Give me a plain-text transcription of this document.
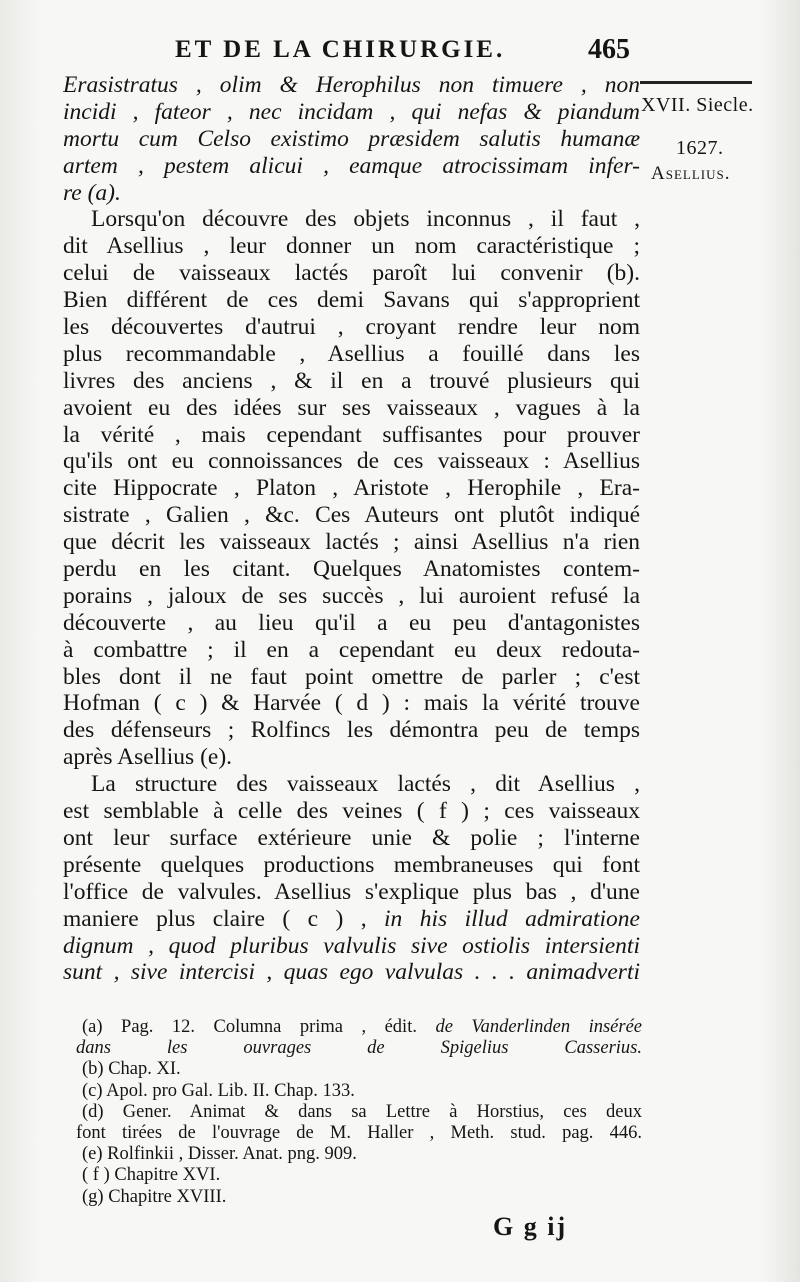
ET DE LA CHIRURGIE.	465
XVII. Siecle.
1627.
Asellius.
Erasistratus , olim & Herophilus non timuere , non
incidi , fateor , nec incidam , qui nefas & piandum
mortu cum Celso existimo præsidem salutis humanæ
artem , pestem alicui , eamque atrocissimam infer-
re (a).
Lorsqu'on découvre des objets inconnus , il faut ,
dit Asellius , leur donner un nom caractéristique ;
celui de vaisseaux lactés paroît lui convenir (b).
Bien différent de ces demi Savans qui s'approprient
les découvertes d'autrui , croyant rendre leur nom
plus recommandable , Asellius a fouillé dans les
livres des anciens , & il en a trouvé plusieurs qui
avoient eu des idées sur ses vaisseaux , vagues à la
la vérité , mais cependant suffisantes pour prouver
qu'ils ont eu connoissances de ces vaisseaux : Asellius
cite Hippocrate , Platon , Aristote , Herophile , Era-
sistrate , Galien , &c. Ces Auteurs ont plutôt indiqué
que décrit les vaisseaux lactés ; ainsi Asellius n'a rien
perdu en les citant. Quelques Anatomistes contem-
porains , jaloux de ses succès , lui auroient refusé la
découverte , au lieu qu'il a eu peu d'antagonistes
à combattre ; il en a cependant eu deux redouta-
bles dont il ne faut point omettre de parler ; c'est
Hofman ( c ) & Harvée ( d ) : mais la vérité trouve
des défenseurs ; Rolfincs les démontra peu de temps
après Asellius (e).
La structure des vaisseaux lactés , dit Asellius ,
est semblable à celle des veines ( f ) ; ces vaisseaux
ont leur surface extérieure unie & polie ; l'interne
présente quelques productions membraneuses qui font
l'office de valvules. Asellius s'explique plus bas , d'une
maniere plus claire ( c ) , in his illud admiratione
dignum , quod pluribus valvulis sive ostiolis intersienti
sunt , sive intercisi , quas ego valvulas . . . animadverti
(a) Pag. 12. Columna prima , édit. de Vanderlinden insérée
dans les ouvrages de Spigelius Casserius.
(b) Chap. XI.
(c) Apol. pro Gal. Lib. II. Chap. 133.
(d) Gener. Animat & dans sa Lettre à Horstius, ces deux
font tirées de l'ouvrage de M. Haller , Meth. stud. pag. 446.
(e) Rolfinkii , Disser. Anat. png. 909.
( f ) Chapitre XVI.
(g) Chapitre XVIII.
G g ij
